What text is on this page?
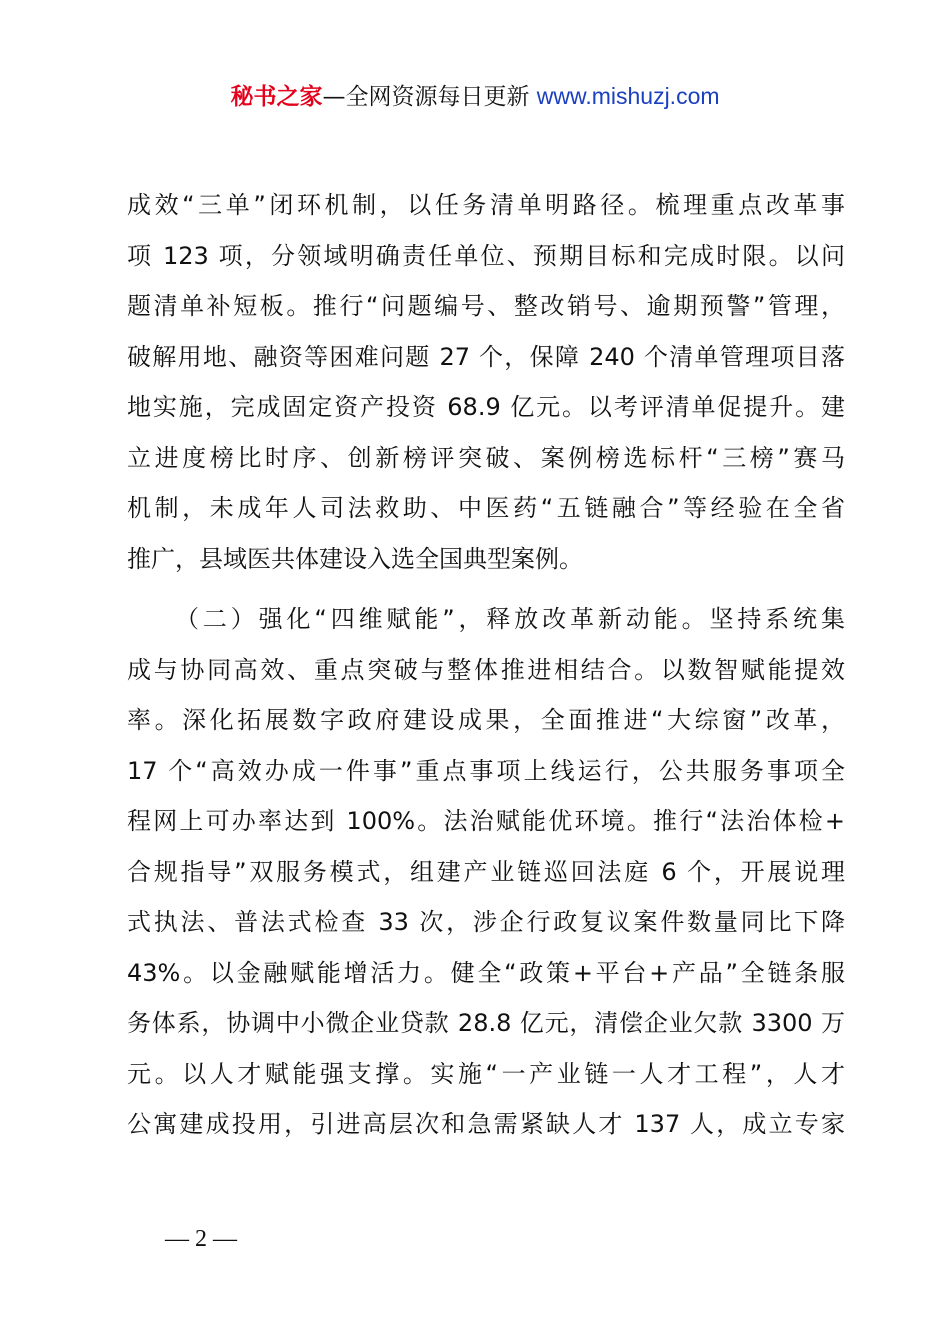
秘书之家—全网资源每日更新 www.mishuzj.com
成效“三单”闭环机制，以任务清单明路径。梳理重点改革事
项 123 项，分领域明确责任单位、预期目标和完成时限。以问
题清单补短板。推行“问题编号、整改销号、逾期预警”管理，
破解用地、融资等困难问题 27 个，保障 240 个清单管理项目落
地实施，完成固定资产投资 68.9 亿元。以考评清单促提升。建
立进度榜比时序、创新榜评突破、案例榜选标杆“三榜”赛马
机制，未成年人司法救助、中医药“五链融合”等经验在全省
推广，县域医共体建设入选全国典型案例。
（二）强化“四维赋能”，释放改革新动能。坚持系统集
成与协同高效、重点突破与整体推进相结合。以数智赋能提效
率。深化拓展数字政府建设成果，全面推进“大综窗”改革，
17 个“高效办成一件事”重点事项上线运行，公共服务事项全
程网上可办率达到 100%。法治赋能优环境。推行“法治体检+
合规指导”双服务模式，组建产业链巡回法庭 6 个，开展说理
式执法、普法式检查 33 次，涉企行政复议案件数量同比下降
43%。以金融赋能增活力。健全“政策+平台+产品”全链条服
务体系，协调中小微企业贷款 28.8 亿元，清偿企业欠款 3300 万
元。以人才赋能强支撑。实施“一产业链一人才工程”，人才
公寓建成投用，引进高层次和急需紧缺人才 137 人，成立专家
— 2 —
